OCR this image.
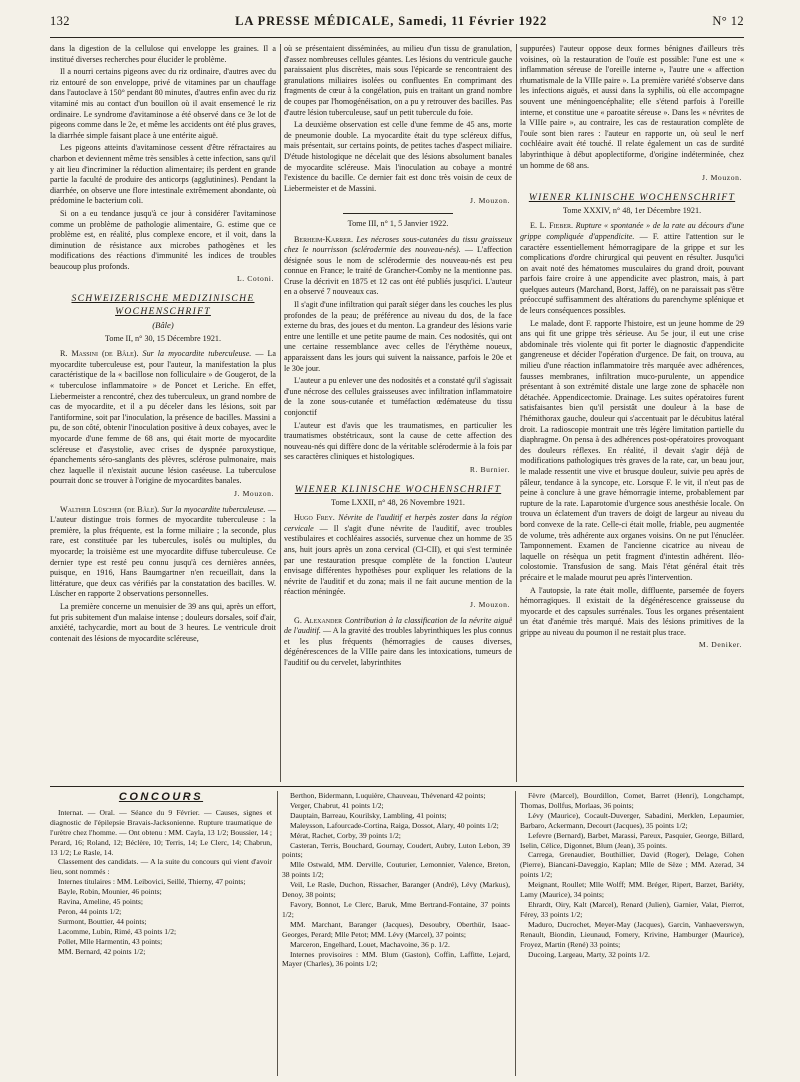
132	LA PRESSE MÉDICALE, Samedi, 11 Février 1922	N° 12

dans la digestion de la cellulose qui enveloppe les graines. Il a institué diverses recherches pour élucider le problème.

Il a nourri certains pigeons avec du riz ordinaire, d'autres avec du riz entouré de son enveloppe, privé de vitamines par un chauffage dans l'autoclave à 150° pendant 80 minutes, d'autres enfin avec du riz vitaminé mis au contact d'un bouillon où il avait ensemencé le riz ordinaire. Le syndrome d'avitaminose a été observé dans ce 3e lot de pigeons comme dans le 2e, et même les accidents ont été plus graves, la diarrhée simple faisant place à une entérite aiguë.

Les pigeons atteints d'avitaminose cessent d'être réfractaires au charbon et deviennent même très sensibles à cette infection, sans qu'il y ait lieu d'incriminer la réduction alimentaire; ils perdent en grande partie la faculté de produire des anticorps (agglutinines). Pendant la diarrhée, on observe une flore intestinale extrêmement abondante, où prédomine le bacterium coli.

Si on a eu tendance jusqu'à ce jour à considérer l'avitaminose comme un problème de pathologie alimentaire, G. estime que ce problème est, en réalité, plus complexe encore, et il voit, dans la diminution de résistance aux microbes pathogènes et les modifications des réactions d'immunité les indices de troubles beaucoup plus profonds.

L. Cotoni.
SCHWEIZERISCHE MEDIZINISCHE WOCHENSCHRIFT
(Bâle)
Tome II, n° 30, 15 Décembre 1921.

R. Massini (de Bâle). Sur la myocardite tuberculeuse. — La myocardite tuberculeuse est, pour l'auteur, la manifestation la plus caractéristique de la « bacillose non folliculaire » de Gougerot, de la « tuberculose inflammatoire » de Poncet et Leriche. En effet, Liebermeister a rencontré, chez des tuberculeux, un grand nombre de cas de myocardite, et il a pu déceler dans les lésions, soit par l'antiformine, soit par l'inoculation, la présence de bacilles. Massini a pu, de son côté, obtenir l'inoculation positive à deux cobayes, avec le myocarde d'une femme de 68 ans, qui était morte de myocardite scléreuse et d'asystolie, avec crises de dyspnée paroxystique, épanchements séro-sanglants des plèvres, sclérose pulmonaire, mais chez laquelle il n'existait aucune lésion caséeuse. La tuberculose pourrait donc se trouver à l'origine de myocardites banales.

J. Mouzon.

Walther Lüscher (de Bâle). Sur la myocardite tuberculeuse. — L'auteur distingue trois formes de myocardite tuberculeuse : la première, la plus fréquente, est la forme miliaire ; la seconde, plus rare, est constituée par les tubercules, isolés ou multiples, du myocarde; la troisième est une myocardite diffuse tuberculeuse. Ce dernier type est resté peu connu jusqu'à ces dernières années, puisque, en 1916, Hans Baumgartner n'en recueillait, dans la littérature, que deux cas vérifiés par la constatation des bacilles. W. Lüscher en rapporte 2 observations personnelles.

La première concerne un menuisier de 39 ans qui, après un effort, fut pris subitement d'un malaise intense ; douleurs dorsales, soif d'air, anxiété, tachycardie, mort au bout de 3 heures. Le ventricule droit contenait des lésions de myocardite scléreuse,

où se présentaient disséminées, au milieu d'un tissu de granulation, d'assez nombreuses cellules géantes. Les lésions du ventricule gauche paraissaient plus discrètes, mais sous l'épicarde se rencontraient des granulations miliaires isolées ou confluentes En comprimant des fragments de cœur à la congélation, puis en traitant un grand nombre de coupes par l'homogénéisation, on a pu y retrouver des bacilles. Pas d'autre lésion tuberculeuse, sauf un petit tubercule du foie.

La deuxième observation est celle d'une femme de 45 ans, morte de pneumonie double. La myocardite était du type scléreux diffus, mais présentait, sur certains points, de petites taches d'aspect miliaire. D'étude histologique ne décelait que des lésions absolument banales de myocardite scléreuse. Mais l'inoculation au cobaye a montré l'existence du bacille. Ce dernier fait est donc très voisin de ceux de Liebermeister et de Massini.

J. Mouzon.
Tome III, n° 1, 5 Janvier 1922.

Berheim-Karrer. Les nécroses sous-cutanées du tissu graisseux chez le nourrisson (sclérodermie des nouveau-nés). — L'affection désignée sous le nom de sclérodermie des nouveau-nés est peu connue en France; le traité de Grancher-Comby ne la mentionne pas. Cruse la décrivit en 1875 et 12 cas ont été publiés jusqu'ici. L'auteur en a observé 7 nouveaux cas.

Il s'agit d'une infiltration qui paraît siéger dans les couches les plus profondes de la peau; de préférence au niveau du dos, de la face externe du bras, des joues et du menton. La grandeur des lésions varie entre une lentille et une petite paume de main. Ces nodosités, qui ont une certaine ressemblance avec celles de l'érythème noueux, apparaissent dans les jours qui suivent la naissance, parfois le 20e et le 30e jour.

L'auteur a pu enlever une des nodosités et a constaté qu'il s'agissait d'une nécrose des cellules graisseuses avec infiltration inflammatoire de la zone sous-cutanée et tuméfaction œdémateuse du tissu conjonctif

L'auteur est d'avis que les traumatismes, en particulier les traumatismes obstétricaux, sont la cause de cette affection des nouveau-nés qui diffère donc de la véritable sclérodermie à la fois par ses caractères cliniques et histologiques.

R. Burnier.
WIENER KLINISCHE WOCHENSCHRIFT
Tome LXXII, n° 48, 26 Novembre 1921.

Hugo Frey. Névrite de l'auditif et herpès zoster dans la région cervicale — Il s'agit d'une névrite de l'auditif, avec troubles vestibulaires et cochléaires associés, survenue chez un homme de 35 ans, huit jours après un zona cervical (CI-CII), et qui s'est terminée par une restauration presque complète de la fonction L'auteur envisage différentes hypothèses pour expliquer les relations de la névrite de l'auditif et du zona; mais il ne fait aucune mention de la réaction méningée.

J. Mouzon.

G. Alexander Contribution à la classification de la névrite aiguë de l'auditif. — A la gravité des troubles labyrinthiques les plus connus et les plus fréquents (hémorragies de causes diverses, dégénérescences de la VIIIe paire dans les intoxications, tumeurs de l'auditif ou du cervelet, labyrinthites

suppurées) l'auteur oppose deux formes bénignes d'ailleurs très voisines, où la restauration de l'ouïe est possible: l'une est une « inflammation séreuse de l'oreille interne », l'autre une « affection rhumatismale de la VIIIe paire ». La première variété s'observe dans les infections aiguës, et aussi dans la syphilis, où elle accompagne souvent une méningoencéphalite; elle s'étend parfois à l'oreille interne, et constitue une « paroatite séreuse ». Dans les « névrites de la VIIIe paire », au contraire, les cas de restauration complète de l'ouïe sont bien rares : l'auteur en rapporte un, où seul le nerf cochléaire avait été touché. Il relate également un cas de surdité labyrinthique à début apoplectiforme, d'origine indéterminée, chez un homme de 68 ans.

J. Mouzon.
WIENER KLINISCHE WOCHENSCHRIFT
Tome XXXIV, n° 48, 1er Décembre 1921.

E. L. Fieber. Rupture « spontanée » de la rate au décours d'une grippe compliquée d'appendicite. — F. attire l'attention sur le caractère essentiellement hémorragipare de la grippe et sur les complications d'ordre chirurgical qui peuvent en résulter. Jusqu'ici on avait noté des hématomes musculaires du grand droit, pouvant parfois faire croire à une appendicite avec plastron, mais, à part quelques auteurs (Marchand, Borst, Jaffé), on ne paraissait pas s'être préoccupé suffisamment des altérations du parenchyme splénique et de leurs conséquences possibles.

Le malade, dont F. rapporte l'histoire, est un jeune homme de 29 ans qui fit une grippe très sérieuse. Au 5e jour, il eut une crise abdominale très violente qui fit porter le diagnostic d'appendicite gangreneuse et décider l'opération d'urgence. De fait, on trouva, au milieu d'une réaction inflammatoire très marquée avec adhérences, fausses membranes, infiltration muco-purulente, un appendice présentant à son extrémité distale une large zone de sphacèle non détachée. Appendicectomie. Drainage. Les suites opératoires furent satisfaisantes bien qu'il persistât une douleur à la base de l'hémithorax gauche, douleur qui s'accentuait par le décubitus latéral droit. La radioscopie montrait une très légère limitation partielle du diaphragme. On pensa à des adhérences post-opératoires provoquant des douleurs réflexes. En réalité, il devait s'agir déjà de modifications pathologiques très graves de la rate, car, un beau jour, le malade ressentit une vive et brusque douleur, suivie peu après de pâleur, tendance à la syncope, etc. Lorsque F. le vit, il n'eut pas de peine à conclure à une grave hémorragie interne, probablement par rupture de la rate. Laparotomie d'urgence sous anesthésie locale. On trouva un éclatement d'un travers de doigt de largeur au niveau du bord convexe de la rate. Celle-ci était molle, friable, peu augmentée de volume, très adhérente aux organes voisins. On ne put l'énucléer. Tamponnement. Examen de l'ancienne cicatrice au niveau de laquelle on résèqua un petit fragment d'intestin adhérent. Iléo-colostomie. Transfusion de sang. Mais l'état général était très précaire et le malade mourut peu après l'intervention.

A l'autopsie, la rate était molle, diffluente, parsemée de foyers hémorragiques. Il existait de la dégénérescence graisseuse du myocarde et des capsules surrénales. Tous les organes présentaient un état d'anémie très marqué. Mais des lésions primitives de la grippe au niveau du poumon il ne restait plus trace.

M. Deniker.
CONCOURS

Internat. — Oral. — Séance du 9 Février. — Causes, signes et diagnostic de l'épilepsie Bravais-Jacksonienne. Rupture traumatique de l'urètre chez l'homme. — Ont obtenu : MM. Cayla, 13 1/2; Boussier, 14 ; Perard, 16; Roland, 12; Béclère, 10; Terris, 14; Le Clerc, 14; Chabrun, 13 1/2; Le Rasle, 14.

Classement des candidats. — A la suite du concours qui vient d'avoir lieu, sont nommés :

Internes titulaires : MM. Leibovici, Seillé, Thierny, 47 points;

Bayle, Robin, Mounier, 46 points;

Ravina, Ameline, 45 points;

Peron, 44 points 1/2;

Surmont, Bouttier, 44 points;

Lacomme, Lubin, Rimé, 43 points 1/2;

Pollet, Mlle Harmentin, 43 points;

MM. Bernard, 42 points 1/2;

Berthon, Bidermann, Luquière, Chauveau, Thévenard 42 points;

Verger, Chabrut, 41 points 1/2;

Dauptain, Barreau, Kourilsky, Lambling, 41 points;

Maleysson, Lafourcade-Cortina, Raiga, Dossot, Alary, 40 points 1/2;

Mérat, Rachet, Corby, 39 points 1/2;

Casteran, Terris, Bouchard, Gournay, Coudert, Aubry, Luton Lebon, 39 points;

Mlle Ostwald, MM. Derville, Couturier, Lemonnier, Valence, Breton, 38 points 1/2;

Veil, Le Rasle, Duchon, Rissacher, Baranger (André), Lévy (Markus), Denoy, 38 points;

Favory, Bonnot, Le Clerc, Baruk, Mme Bertrand-Fontaine, 37 points 1/2;

MM. Marchant, Baranger (Jacques), Desoubry, Oberthür, Isaac-Georges, Perard; Mlle Petot; MM. Lévy (Marcel), 37 points;

Marceron, Engelhard, Louet, Machavoine, 36 p. 1/2.

Internes provisoires : MM. Blum (Gaston), Coffin, Laffitte, Lejard, Mayer (Charles), 36 points 1/2;

Fèvre (Marcel), Bourdillon, Comet, Barret (Henri), Longchampt, Thomas, Dollfus, Morlaas, 36 points;

Lévy (Maurice), Cocault-Duverger, Sabadini, Merklen, Lepaumier, Barbaro, Ackermann, Decourt (Jacques), 35 points 1/2;

Lefevre (Bernard), Barbet, Marassi, Pareux, Pasquier, George, Billard, Iselin, Célice, Digonnet, Blum (Jean), 35 points.

Carrega, Grenaudier, Bouthillier, David (Roger), Delage, Cohen (Pierre), Biancani-Daveggio, Kaplan; Mlle de Sèze ; MM. Azerad, 34 points 1/2;

Meignant, Roullet; Mlle Wolff; MM. Bréger, Ripert, Barzet, Bariéty, Lamy (Maurice), 34 points;

Ehrardt, Oiry, Kalt (Marcel), Renard (Julien), Garnier, Valat, Pierrot, Férey, 33 points 1/2;

Maduro, Ducrochet, Meyer-May (Jacques), Garcin, Vanhaeverswyn, Renault, Biondin, Lieunaud, Fomery, Krivine, Hamburger (Maurice), Froyez, Martin (René) 33 points;

Ducoing, Largeau, Marty, 32 points 1/2.
